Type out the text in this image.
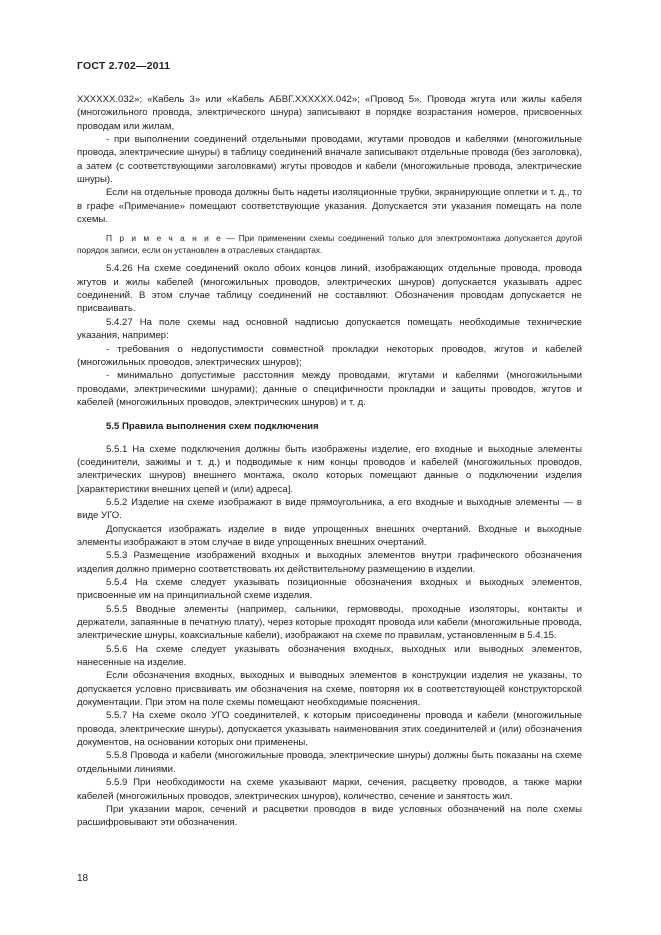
ГОСТ 2.702—2011

ХХХХХХ.032»; «Кабель 3» или «Кабель АБВГ.ХХХХХХ.042»; «Провод 5». Провода жгута или жилы кабеля (многожильного провода, электрического шнура) записывают в порядке возрастания номеров, присвоенных проводам или жилам,

- при выполнении соединений отдельными проводами, жгутами проводов и кабелями (многожильные провода, электрические шнуры) в таблицу соединений вначале записывают отдельные провода (без заголовка), а затем (с соответствующими заголовками) жгуты проводов и кабели (многожильные провода, электрические шнуры).

Если на отдельные провода должны быть надеты изоляционные трубки, экранирующие оплетки и т. д., то в графе «Примечание» помещают соответствующие указания. Допускается эти указания помещать на поле схемы.

П р и м е ч а н и е — При применении схемы соединений только для электромонтажа допускается другой порядок записи, если он установлен в отраслевых стандартах.

5.4.26 На схеме соединений около обоих концов линий, изображающих отдельные провода, провода жгутов и жилы кабелей (многожильных проводов, электрических шнуров) допускается указывать адрес соединений. В этом случае таблицу соединений не составляют. Обозначения проводам допускается не присваивать.

5.4.27 На поле схемы над основной надписью допускается помещать необходимые технические указания, например:

- требования о недопустимости совместной прокладки некоторых проводов, жгутов и кабелей (многожильных проводов, электрических шнуров);

- минимально допустимые расстояния между проводами, жгутами и кабелями (многожильными проводами, электрическими шнурами); данные о специфичности прокладки и защиты проводов, жгутов и кабелей (многожильных проводов, электрических шнуров) и т. д.

5.5 Правила выполнения схем подключения

5.5.1 На схеме подключения должны быть изображены изделие, его входные и выходные элементы (соединители, зажимы и т. д.) и подводимые к ним концы проводов и кабелей (многожильных проводов, электрических шнуров) внешнего монтажа, около которых помещают данные о подключении изделия [характеристики внешних цепей и (или) адреса].

5.5.2 Изделие на схеме изображают в виде прямоугольника, а его входные и выходные элементы — в виде УГО.

Допускается изображать изделие в виде упрощенных внешних очертаний. Входные и выходные элементы изображают в этом случае в виде упрощенных внешних очертаний.

5.5.3 Размещение изображений входных и выходных элементов внутри графического обозначения изделия должно примерно соответствовать их действительному размещению в изделии.

5.5.4 На схеме следует указывать позиционные обозначения входных и выходных элементов, присвоенные им на принципиальной схеме изделия.

5.5.5 Вводные элементы (например, сальники, гермовводы, проходные изоляторы, контакты и держатели, запаянные в печатную плату), через которые проходят провода или кабели (многожильные провода, электрические шнуры, коаксиальные кабели), изображают на схеме по правилам, установленным в 5.4.15.

5.5.6 На схеме следует указывать обозначения входных, выходных или выводных элементов, нанесенные на изделие.

Если обозначения входных, выходных и выводных элементов в конструкции изделия не указаны, то допускается условно присваивать им обозначения на схеме, повторяя их в соответствующей конструкторской документации. При этом на поле схемы помещают необходимые пояснения.

5.5.7 На схеме около УГО соединителей, к которым присоединены провода и кабели (многожильные провода, электрические шнуры), допускается указывать наименования этих соединителей и (или) обозначения документов, на основании которых они применены.

5.5.8 Провода и кабели (многожильные провода, электрические шнуры) должны быть показаны на схеме отдельными линиями.

5.5.9 При необходимости на схеме указывают марки, сечения, расцветку проводов, а также марки кабелей (многожильных проводов, электрических шнуров), количество, сечение и занятость жил.

При указании марок, сечений и расцветки проводов в виде условных обозначений на поле схемы расшифровывают эти обозначения.

18
